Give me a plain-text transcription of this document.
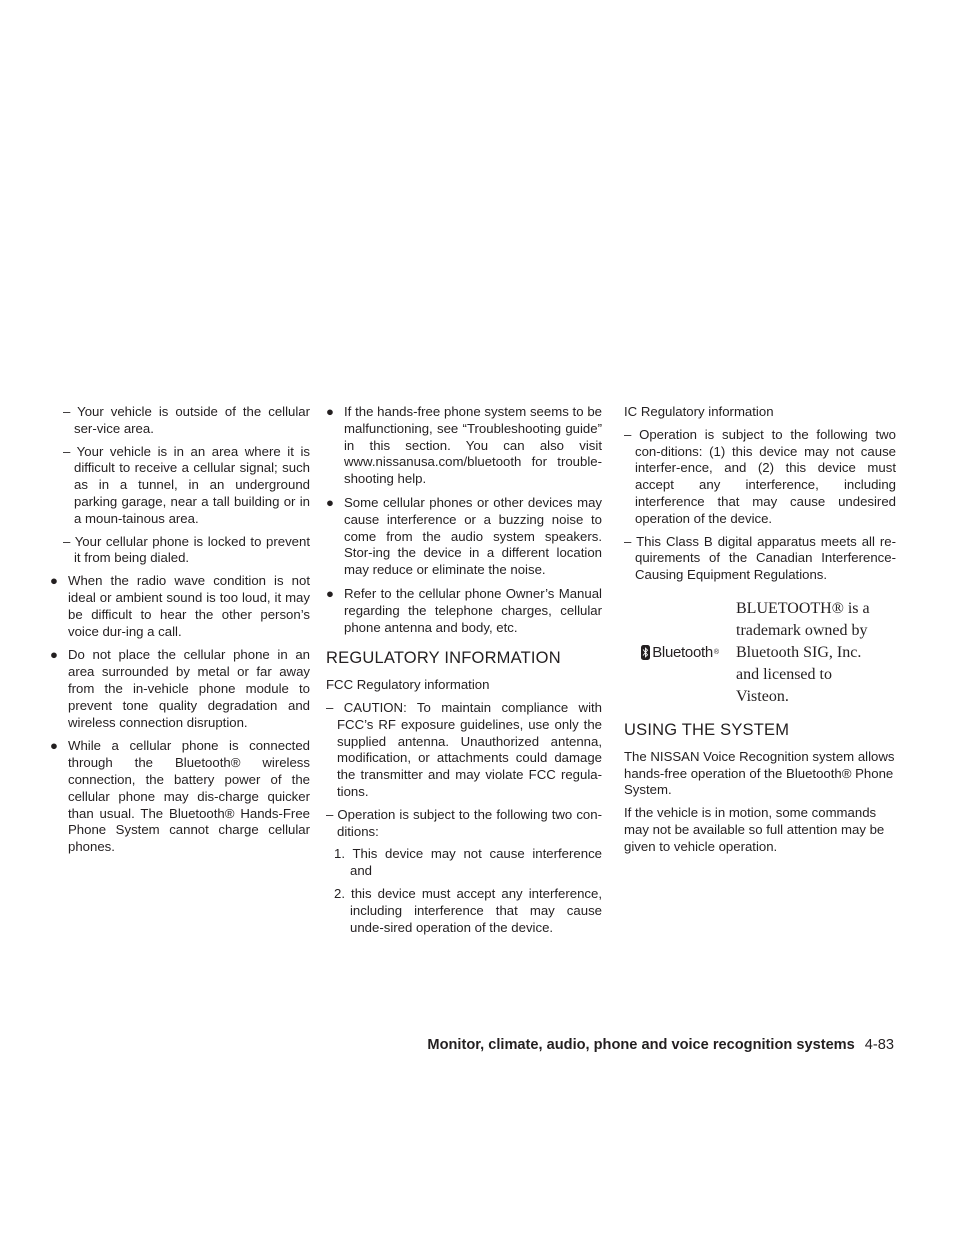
– Your vehicle is outside of the cellular ser-vice area.

– Your vehicle is in an area where it is difficult to receive a cellular signal; such as in a tunnel, in an underground parking garage, near a tall building or in a moun-tainous area.

– Your cellular phone is locked to prevent it from being dialed.

● When the radio wave condition is not ideal or ambient sound is too loud, it may be difficult to hear the other person’s voice dur-ing a call.
● Do not place the cellular phone in an area surrounded by metal or far away from the in-vehicle phone module to prevent tone quality degradation and wireless connection disruption.
● While a cellular phone is connected through the Bluetooth® wireless connection, the battery power of the cellular phone may dis-charge quicker than usual. The Bluetooth® Hands-Free Phone System cannot charge cellular phones.
● If the hands-free phone system seems to be malfunctioning, see “Troubleshooting guide” in this section. You can also visit www.nissanusa.com/bluetooth for trouble-shooting help.
● Some cellular phones or other devices may cause interference or a buzzing noise to come from the audio system speakers. Stor-ing the device in a different location may reduce or eliminate the noise.
● Refer to the cellular phone Owner’s Manual regarding the telephone charges, cellular phone antenna and body, etc.
REGULATORY INFORMATION

FCC Regulatory information

– CAUTION: To maintain compliance with FCC’s RF exposure guidelines, use only the supplied antenna. Unauthorized antenna, modification, or attachments could damage the transmitter and may violate FCC regula-tions.

– Operation is subject to the following two con-ditions:

1. This device may not cause interference and

2. this device must accept any interference, including interference that may cause unde-sired operation of the device.

IC Regulatory information

– Operation is subject to the following two con-ditions: (1) this device may not cause interfer-ence, and (2) this device must accept any interference, including interference that may cause undesired operation of the device.

– This Class B digital apparatus meets all re-quirements of the Canadian Interference-Causing Equipment Regulations.

Bluetooth ®
BLUETOOTH® is a trademark owned by Bluetooth SIG, Inc. and licensed to Visteon.
USING THE SYSTEM

The NISSAN Voice Recognition system allows hands-free operation of the Bluetooth® Phone System.

If the vehicle is in motion, some commands may not be available so full attention may be given to vehicle operation.

Monitor, climate, audio, phone and voice recognition systems 4-83
